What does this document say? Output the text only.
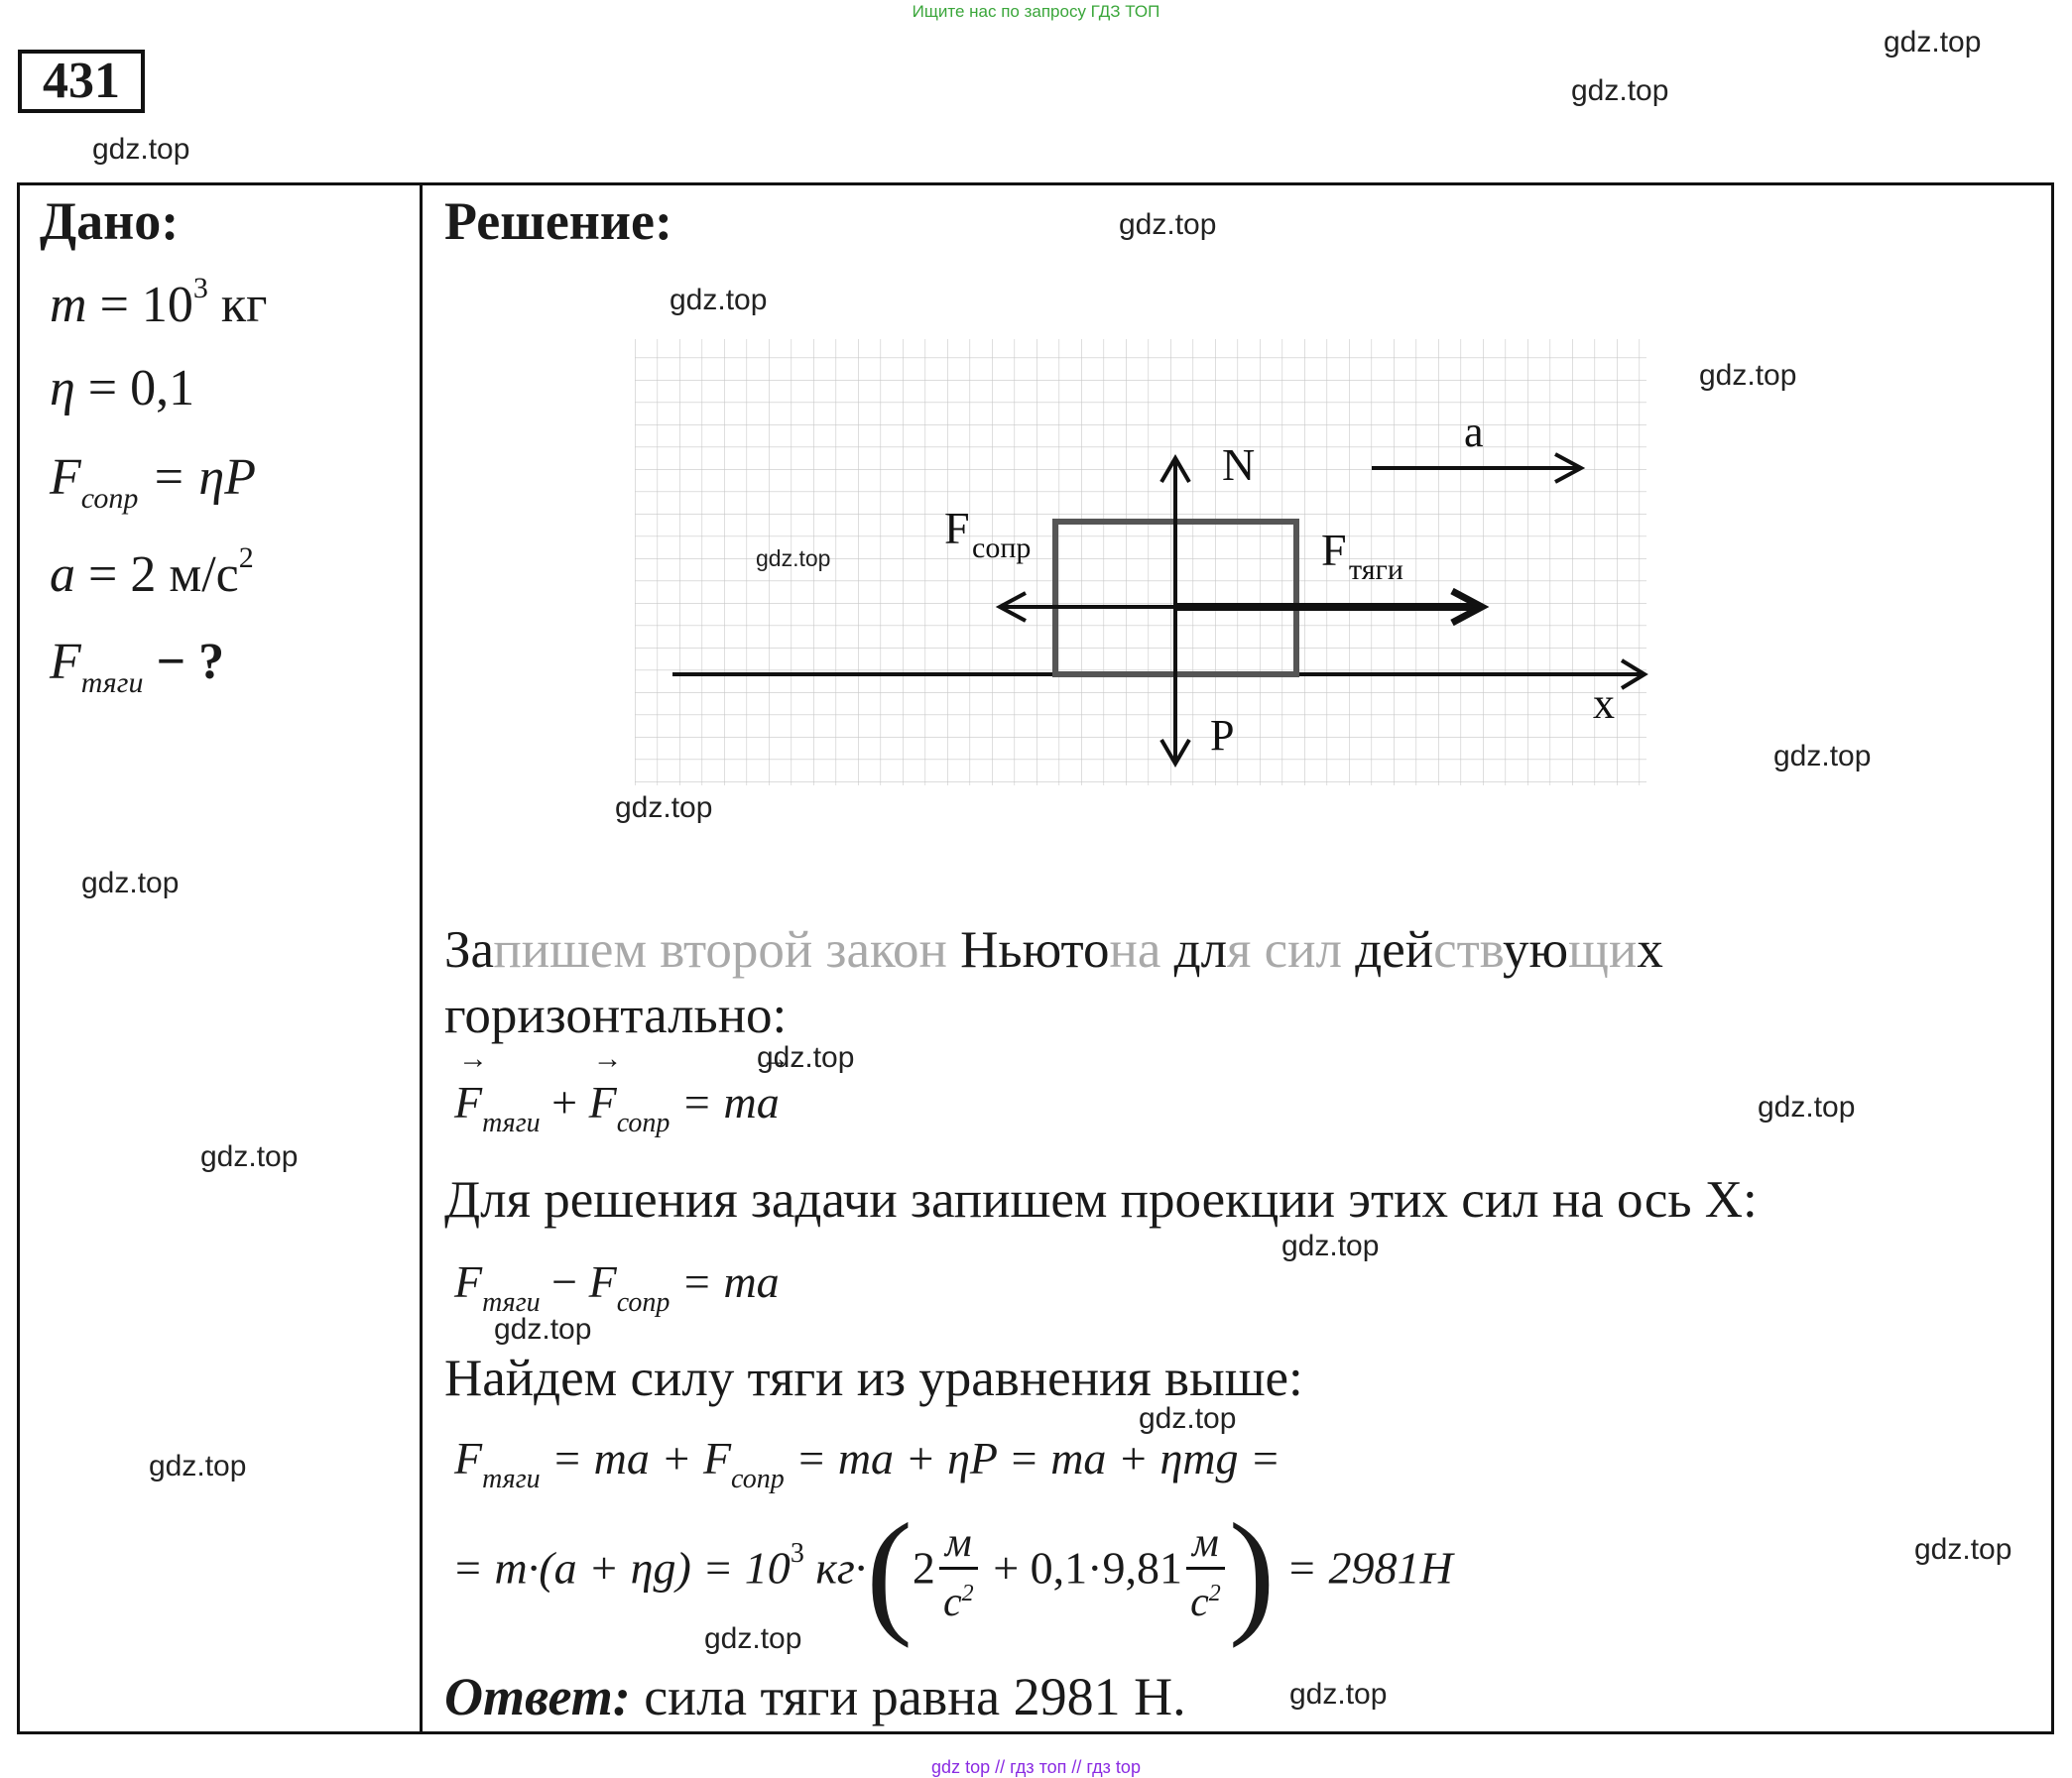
Ищите нас по запросу ГДЗ ТОП
431
gdz.top
gdz.top
gdz.top
Дано:
$m = 10^3$ кг
η = 0,1
$F_{сопр} = \eta P$
a = 2 $м/с^2$
$F_{тяги}$ − ?
gdz.top
gdz.top
gdz.top
Решение:	gdz.top
gdz.top
gdz.top
N
a
F сопр	F тяги
P
x
gdz.top
gdz.top
gdz.top
Запишем второй закон Ньютона для сил действующих
горизонтально:
gdz.top
→ $F_{тяги}$ + → $F_{сопр} = m\to a$	gdz.top
Для решения задачи запишем проекции этих сил на ось X:
gdz.top
$F_{тяги} - F_{сопр}$ = ma
gdz.top
Найдем силу тяги из уравнения выше:
gdz.top
$F_{тяги}$ = ma + $F_{сопр}$ = ma + ηP = ma + ηmg =
= $m\cdot(a + \eta g) = 10^3$ $кг\cdot(2 \frac{м}{с^2} + 0,1\cdot 9,81 \frac{м}{с^2}$ ) = 2981H	gdz.top
gdz.top
Ответ: сила тяги равна 2981 Н.	gdz.top
gdz top // гдз топ // гдз top
